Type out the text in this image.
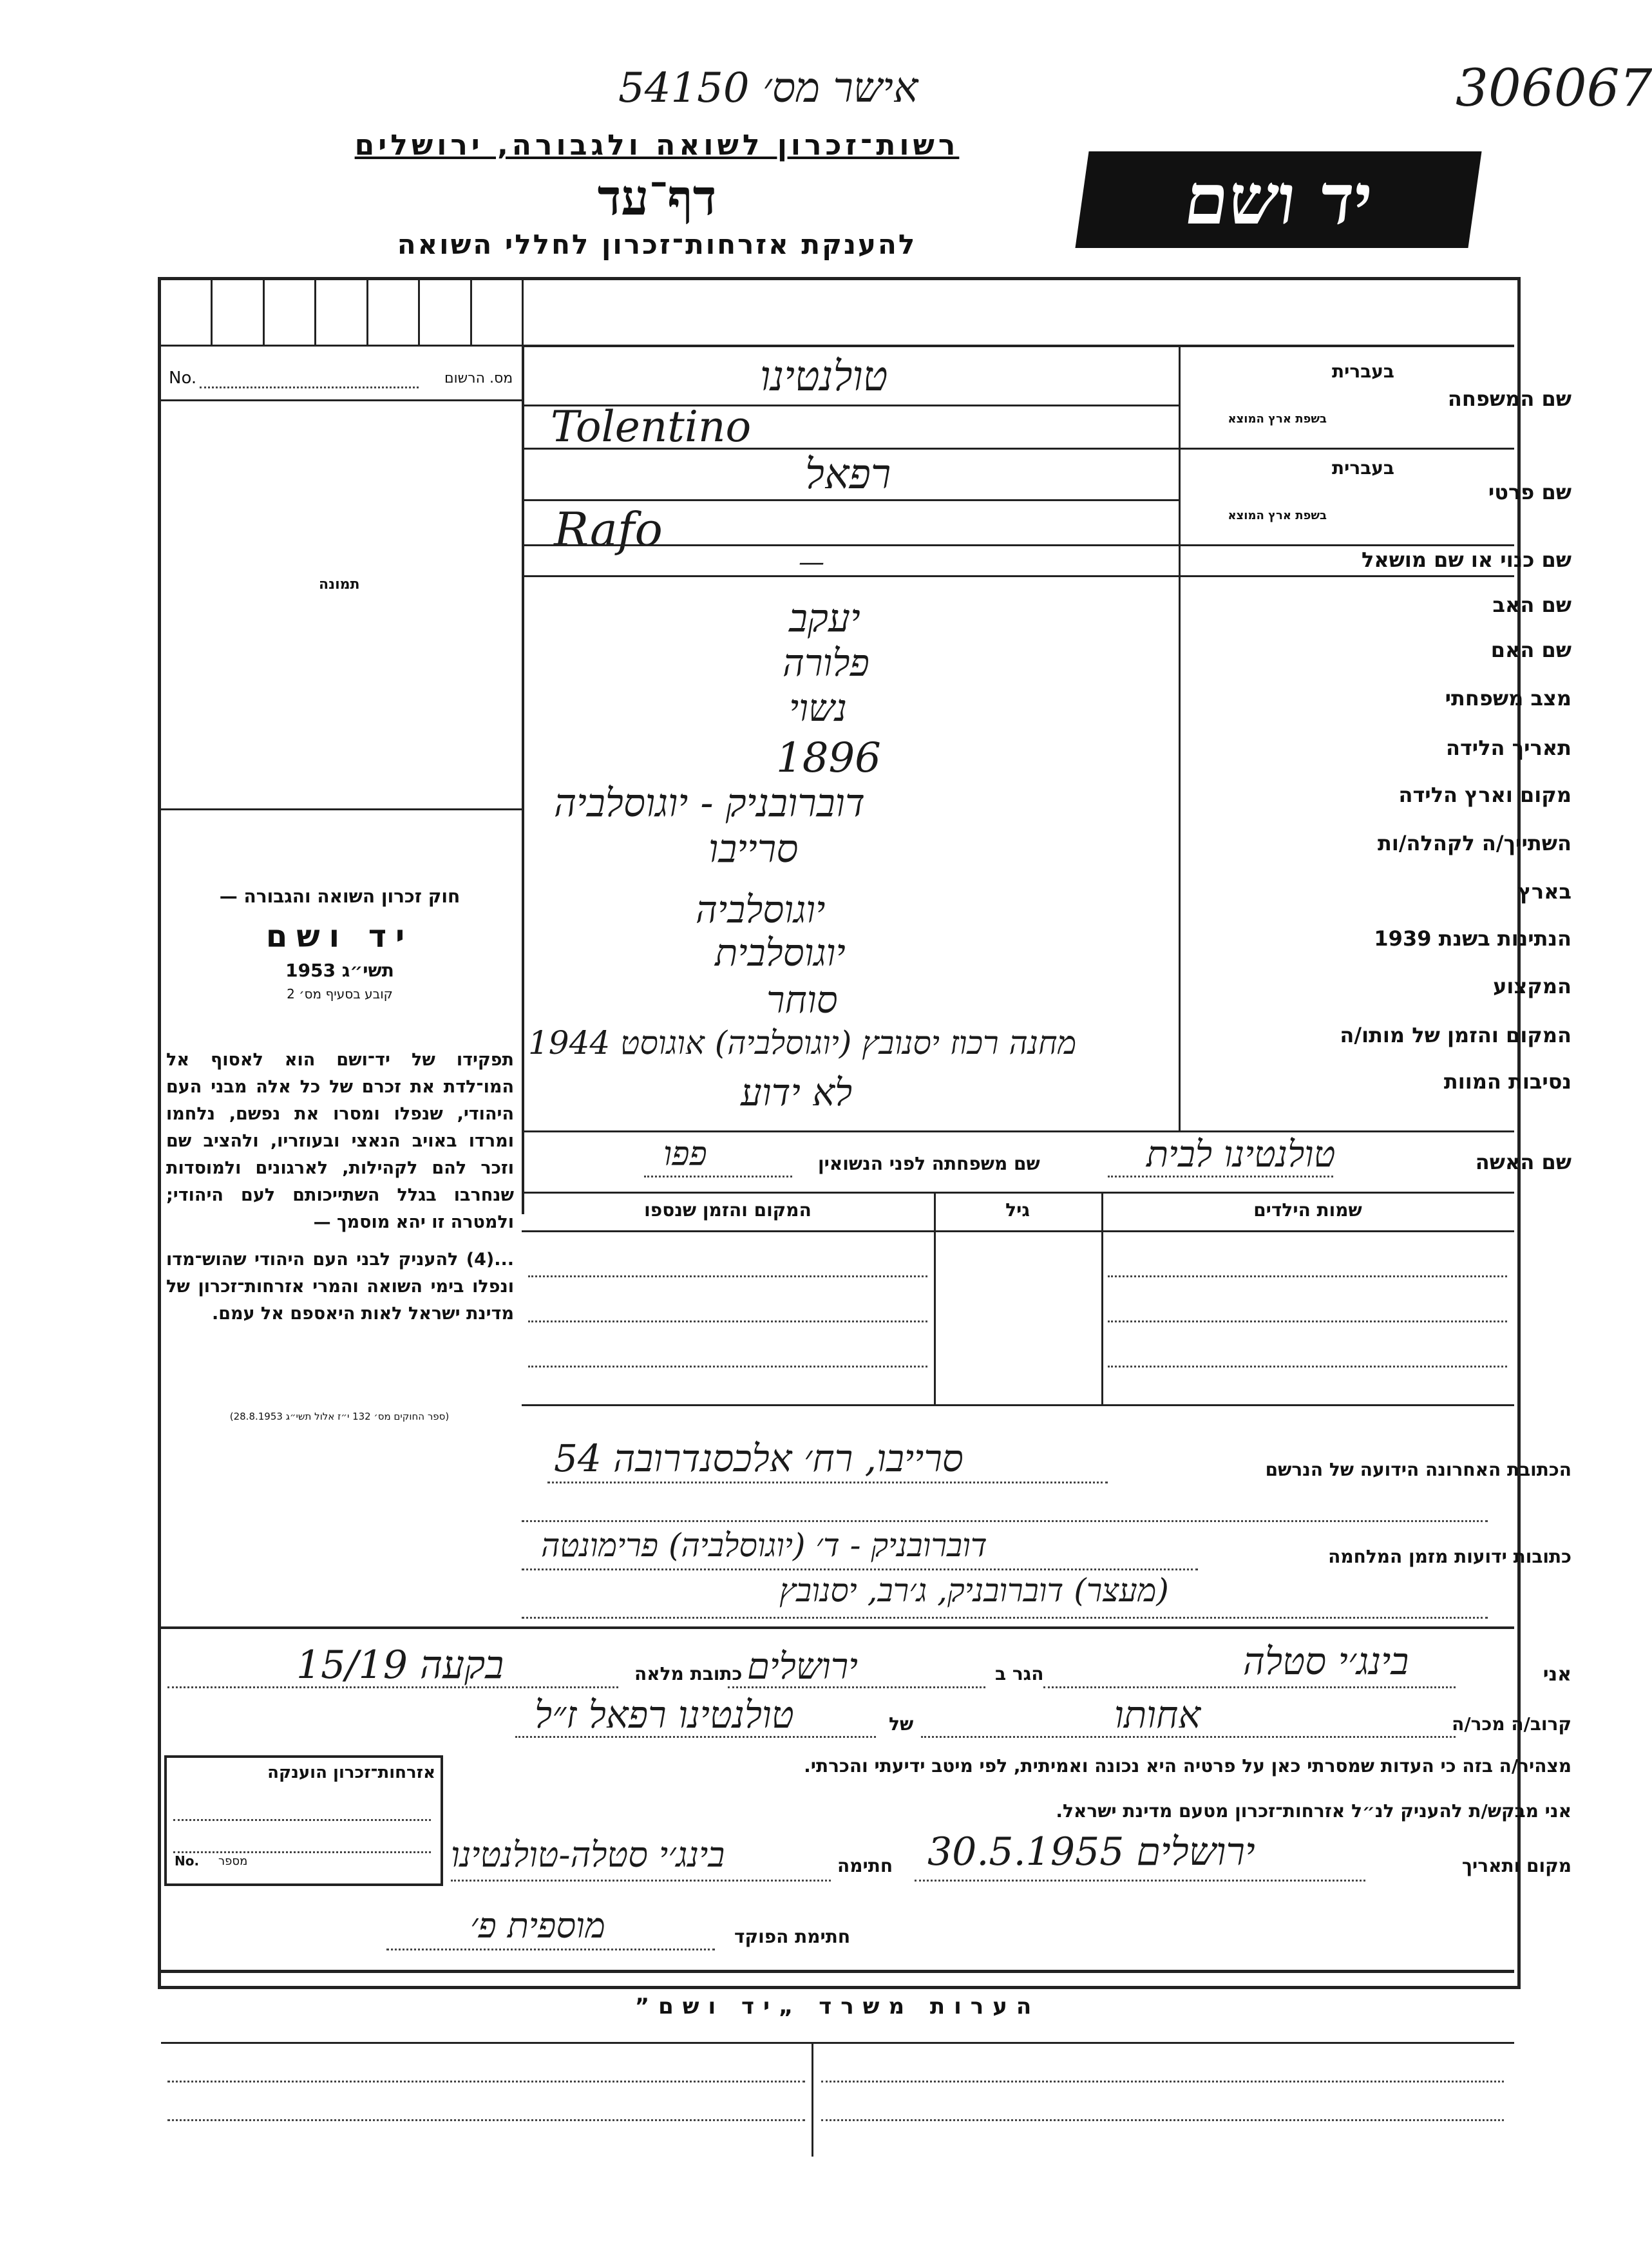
אישר מס׳ 54150	306067
רשות־זכרון לשואה ולגבורה, ירושלים
דף־עד
להענקת אזרחות־זכרון לחללי השואה
יד ושם
מס. הרשום
No.
תמונה
חוק זכרון השואה והגבורה —
יד ושם
תשי״ג 1953
קובע בסעיף מס׳ 2

תפקידו של יד־ושם הוא לאסוף אל המו־לדת את זכרם של כל אלה מבני העם היהודי, שנפלו ומסרו את נפשם, נלחמו ומרדו באויב הנאצי ובעוזריו, ולהציב שם וזכר להם לקהילות, לארגונים ולמוסדות שנחרבו בגלל השתייכותם לעם היהודי; ולמטרה זו יהא מוסמך —

...(4) להעניק לבני העם היהודי שהוש־מדו ונפלו בימי השואה והמרי אזרחות־זכרון של מדינת ישראל לאות היאספם אל עמם.

(ספר החוקים מס׳ 132 י״ז אלול תשי״ג 28.8.1953)
בעברית
שם המשפחה
בשפת ארץ המוצא
טולנטינו
Tolentino
בעברית
שם פרטי
בשפת ארץ המוצא
רפאל
Rafo
שם כנוי או שם מושאל
—
שם האב
יעקב
שם האם
פלורה
מצב משפחתי
נשוי
תאריך הלידה
1896
מקום וארץ הלידה
דוברובניק - יוגוסלביה
השתייך/ה לקהלה/ות
סרייבו
בארץ
יוגוסלביה
הנתינות בשנת 1939
יוגוסלבית
המקצוע
סוחר
המקום והזמן של מותו/ה
מחנה רכוז יסנובץ (יוגוסלביה) אוגוסט 1944
נסיבות המוות
לא ידוע
שם האשה
טולנטינו לבית
שם משפחתה לפני הנשואין
פפו
שמות הילדים
גיל
המקום והזמן שנספו
הכתובת האחרונה הידועה של הנרשם
סרייבו, רח׳ אלכסנדרובה 54
כתובות ידועות מזמן המלחמה
דוברובניק - ד׳ (יוגוסלביה) פרימונטה
(מעצר) דוברובניק, ג׳רב, יסנובץ
אני
בינג׳י סטלה
הגר ב
ירושלים
כתובת מלאה
בקעה 15/19
קרוב/ה מכר/ה
אחותו
של
טולנטינו רפאל ז״ל
מצהיר/ה בזה כי העדות שמסרתי כאן על פרטיה היא נכונה ואמיתית, לפי מיטב ידיעתי והכרתי.
אני מבקש/ת להעניק לנ״ל אזרחות־זכרון מטעם מדינת ישראל.
מקום ותאריך
ירושלים 30.5.1955
חתימה
בינג׳י סטלה-טולנטינו
חתימת הפוקד
מוספית פ׳
אזרחות־זכרון הוענקה
No. מספר
הערות משרד „יד ושם”
